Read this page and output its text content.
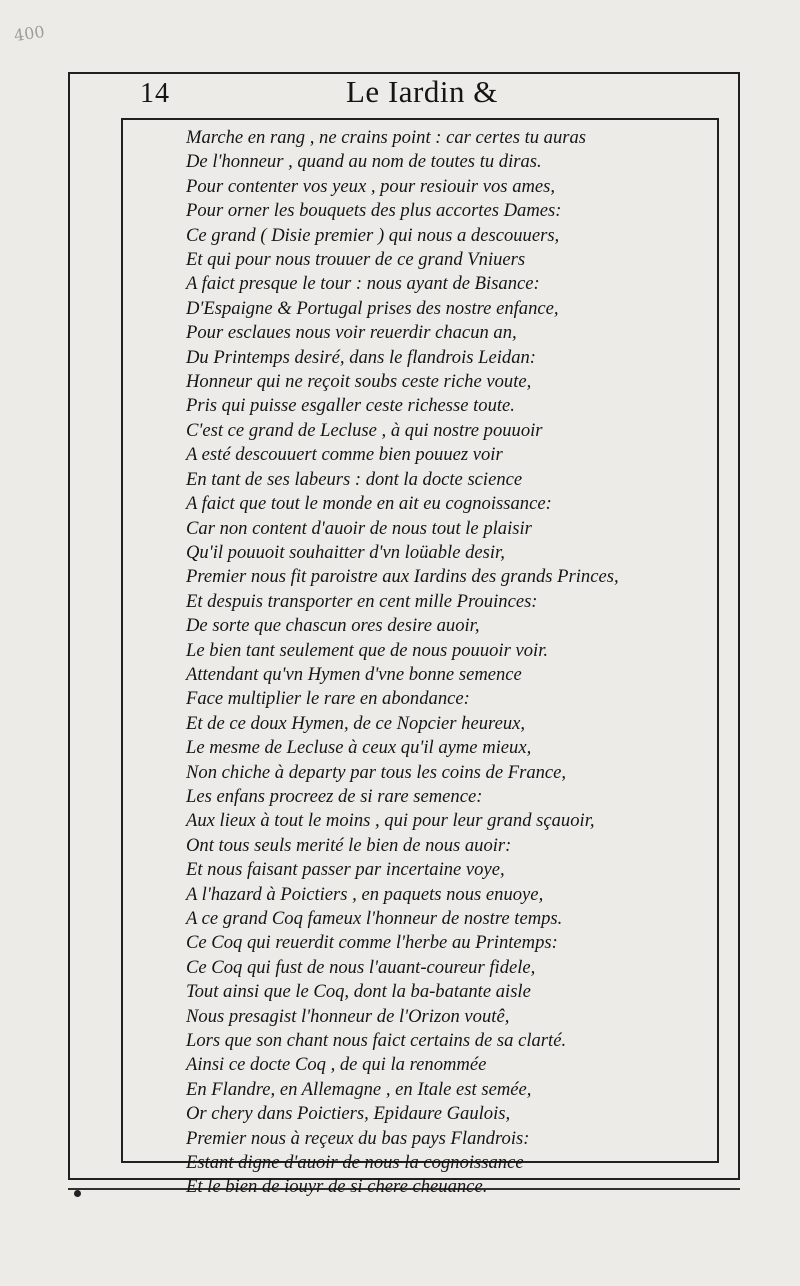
400
14	Le Iardin &
Marche en rang , ne crains point : car certes tu auras
De l'honneur , quand au nom de toutes tu diras.
Pour contenter vos yeux , pour resiouir vos ames,
Pour orner les bouquets des plus accortes Dames:
Ce grand ( Disie premier ) qui nous a descouuers,
Et qui pour nous trouuer de ce grand Vniuers
A faict presque le tour : nous ayant de Bisance:
D'Espaigne & Portugal prises des nostre enfance,
Pour esclaues nous voir reuerdir chacun an,
Du Printemps desiré, dans le flandrois Leidan:
Honneur qui ne reçoit soubs ceste riche voute,
Pris qui puisse esgaller ceste richesse toute.
C'est ce grand de Lecluse , à qui nostre pouuoir
A esté descouuert comme bien pouuez voir
En tant de ses labeurs : dont la docte science
A faict que tout le monde en ait eu cognoissance:
Car non content d'auoir de nous tout le plaisir
Qu'il pouuoit souhaitter d'vn loüable desir,
Premier nous fit paroistre aux Iardins des grands Princes,
Et despuis transporter en cent mille Prouinces:
De sorte que chascun ores desire auoir,
Le bien tant seulement que de nous pouuoir voir.
Attendant qu'vn Hymen d'vne bonne semence
Face multiplier le rare en abondance:
Et de ce doux Hymen, de ce Nopcier heureux,
Le mesme de Lecluse à ceux qu'il ayme mieux,
Non chiche à departy par tous les coins de France,
Les enfans procreez de si rare semence:
Aux lieux à tout le moins , qui pour leur grand sçauoir,
Ont tous seuls merité le bien de nous auoir:
Et nous faisant passer par incertaine voye,
A l'hazard à Poictiers , en paquets nous enuoye,
A ce grand Coq fameux l'honneur de nostre temps.
Ce Coq qui reuerdit comme l'herbe au Printemps:
Ce Coq qui fust de nous l'auant-coureur fidele,
Tout ainsi que le Coq, dont la ba-batante aisle
Nous presagist l'honneur de l'Orizon voutê,
Lors que son chant nous faict certains de sa clarté.
Ainsi ce docte Coq , de qui la renommée
En Flandre, en Allemagne , en Itale est semée,
Or chery dans Poictiers, Epidaure Gaulois,
Premier nous à reçeux du bas pays Flandrois:
Estant digne d'auoir de nous la cognoissance
Et le bien de iouyr de si chere cheuance.
